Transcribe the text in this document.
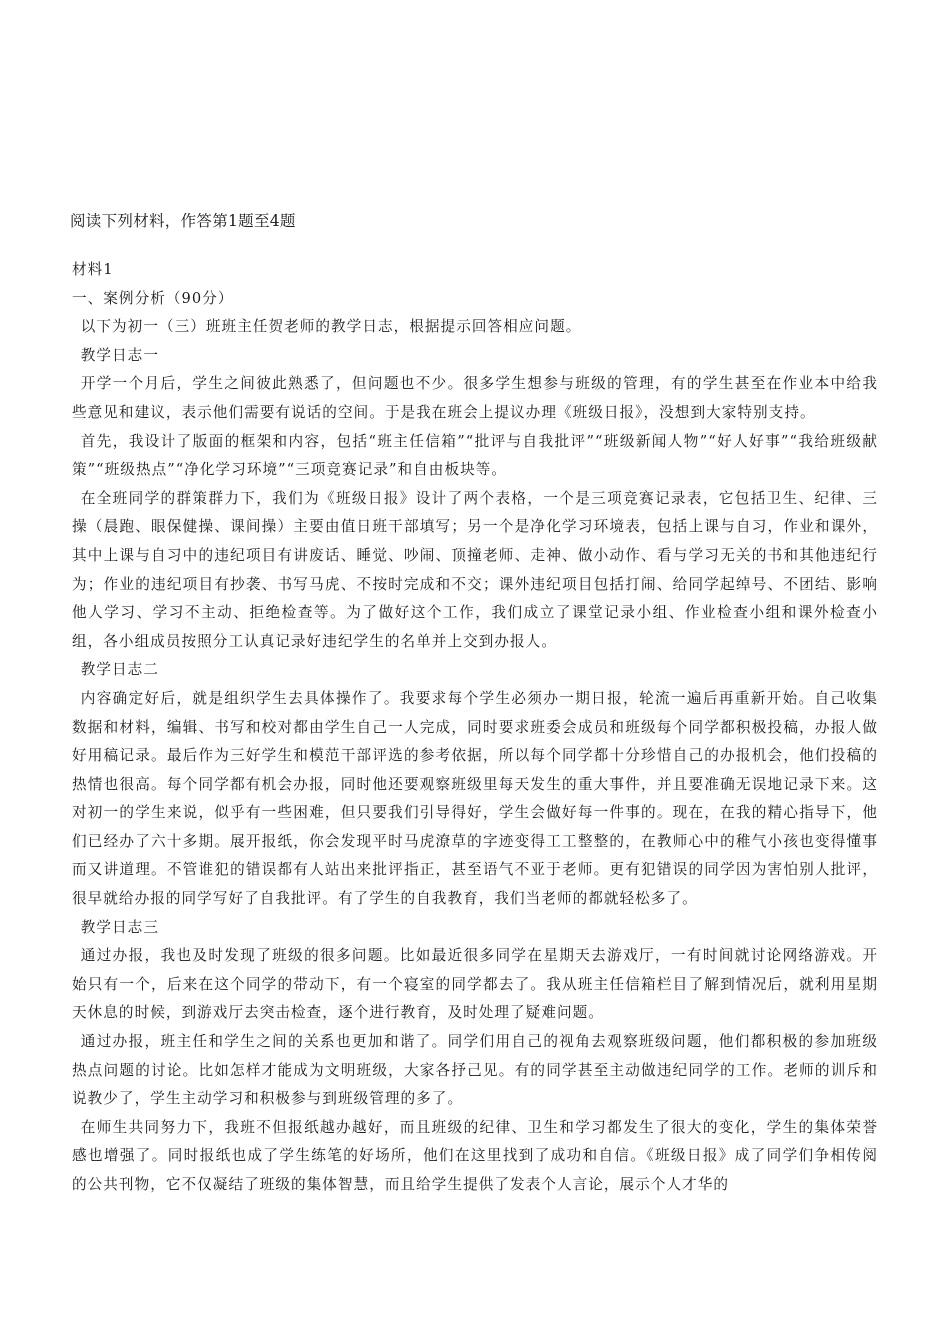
阅读下列材料，作答第1题至4题

材料1

一、案例分析（90分）

以下为初一（三）班班主任贺老师的教学日志，根据提示回答相应问题。

教学日志一

开学一个月后，学生之间彼此熟悉了，但问题也不少。很多学生想参与班级的管理，有的学生甚至在作业本中给我些意见和建议，表示他们需要有说话的空间。于是我在班会上提议办理《班级日报》，没想到大家特别支持。

首先，我设计了版面的框架和内容，包括“班主任信箱”“批评与自我批评”“班级新闻人物”“好人好事”“我给班级献策”“班级热点”“净化学习环境”“三项竞赛记录”和自由板块等。

在全班同学的群策群力下，我们为《班级日报》设计了两个表格，一个是三项竞赛记录表，它包括卫生、纪律、三操（晨跑、眼保健操、课间操）主要由值日班干部填写；另一个是净化学习环境表，包括上课与自习，作业和课外，其中上课与自习中的违纪项目有讲废话、睡觉、吵闹、顶撞老师、走神、做小动作、看与学习无关的书和其他违纪行为；作业的违纪项目有抄袭、书写马虎、不按时完成和不交；课外违纪项目包括打闹、给同学起绰号、不团结、影响他人学习、学习不主动、拒绝检查等。为了做好这个工作，我们成立了课堂记录小组、作业检查小组和课外检查小组，各小组成员按照分工认真记录好违纪学生的名单并上交到办报人。

教学日志二

内容确定好后，就是组织学生去具体操作了。我要求每个学生必须办一期日报，轮流一遍后再重新开始。自己收集数据和材料，编辑、书写和校对都由学生自己一人完成，同时要求班委会成员和班级每个同学都积极投稿，办报人做好用稿记录。最后作为三好学生和模范干部评选的参考依据，所以每个同学都十分珍惜自己的办报机会，他们投稿的热情也很高。每个同学都有机会办报，同时他还要观察班级里每天发生的重大事件，并且要准确无误地记录下来。这对初一的学生来说，似乎有一些困难，但只要我们引导得好，学生会做好每一件事的。现在，在我的精心指导下，他们已经办了六十多期。展开报纸，你会发现平时马虎潦草的字迹变得工工整整的，在教师心中的稚气小孩也变得懂事而又讲道理。不管谁犯的错误都有人站出来批评指正，甚至语气不亚于老师。更有犯错误的同学因为害怕别人批评，很早就给办报的同学写好了自我批评。有了学生的自我教育，我们当老师的都就轻松多了。

教学日志三

通过办报，我也及时发现了班级的很多问题。比如最近很多同学在星期天去游戏厅，一有时间就讨论网络游戏。开始只有一个，后来在这个同学的带动下，有一个寝室的同学都去了。我从班主任信箱栏目了解到情况后，就利用星期天休息的时候，到游戏厅去突击检查，逐个进行教育，及时处理了疑难问题。

通过办报，班主任和学生之间的关系也更加和谐了。同学们用自己的视角去观察班级问题，他们都积极的参加班级热点问题的讨论。比如怎样才能成为文明班级，大家各抒己见。有的同学甚至主动做违纪同学的工作。老师的训斥和说教少了，学生主动学习和积极参与到班级管理的多了。

在师生共同努力下，我班不但报纸越办越好，而且班级的纪律、卫生和学习都发生了很大的变化，学生的集体荣誉感也增强了。同时报纸也成了学生练笔的好场所，他们在这里找到了成功和自信。《班级日报》成了同学们争相传阅的公共刊物，它不仅凝结了班级的集体智慧，而且给学生提供了发表个人言论，展示个人才华的
